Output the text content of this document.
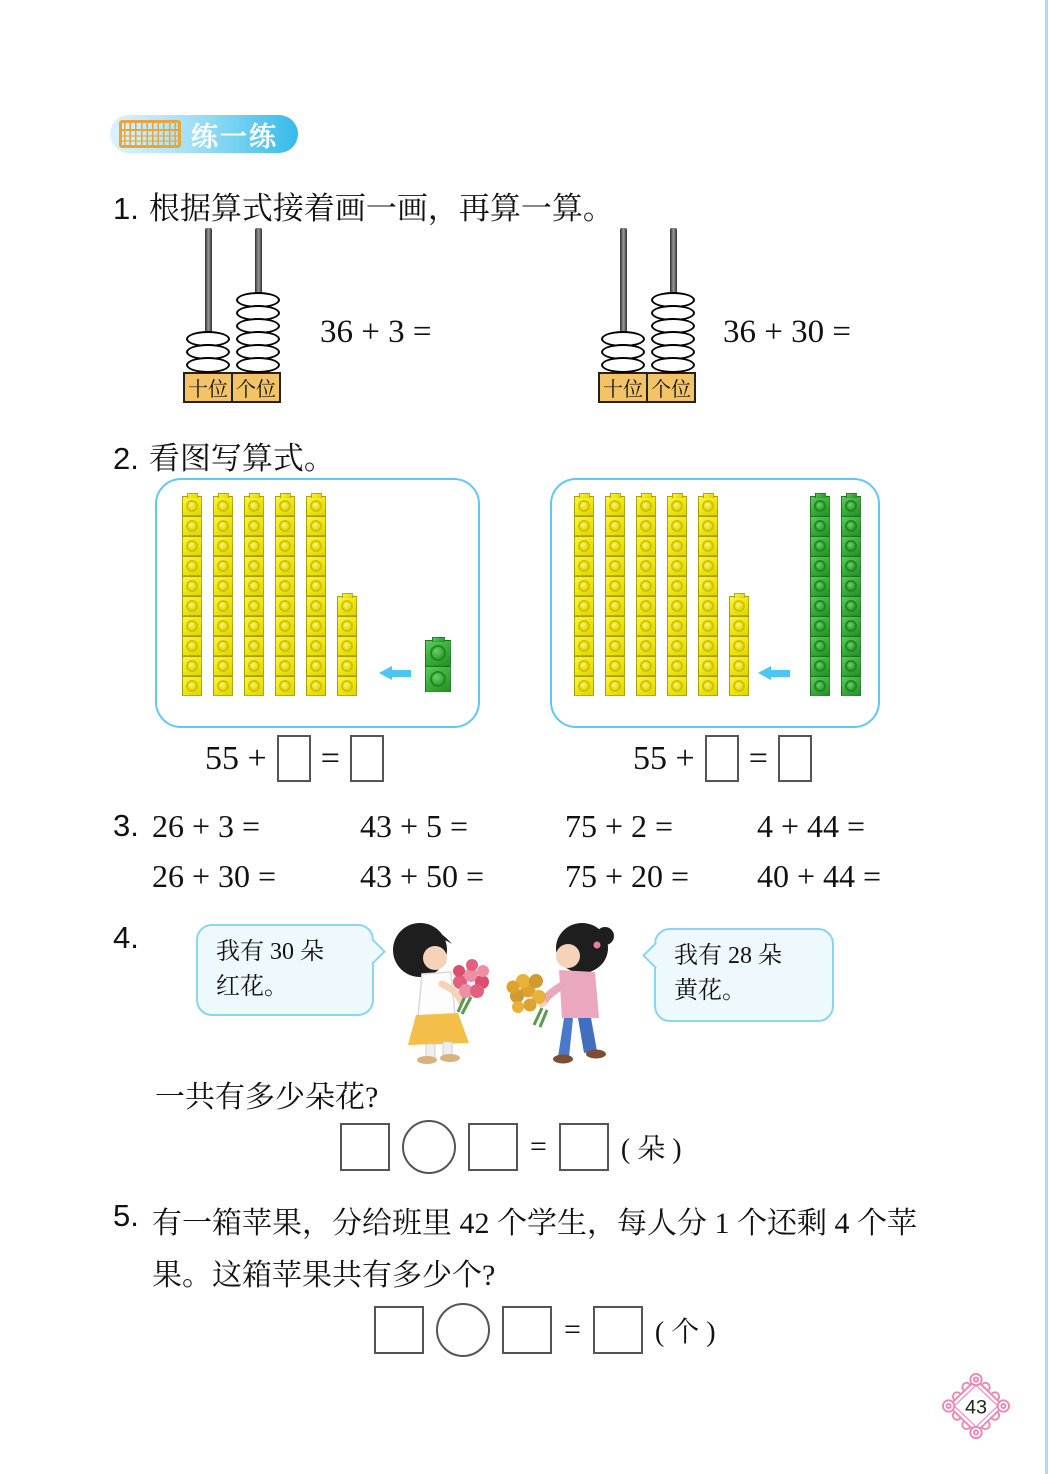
练一练
1. 根据算式接着画一画，再算一算。
十位 个位
36 + 3 =
十位 个位
36 + 30 =
2. 看图写算式。
55 + =	55 + =
3. 26 + 3 =	43 + 5 =	75 + 2 =	4 + 44 =
26 + 30 =	43 + 50 =	75 + 20 = 40 + 44 =
4.	我有 30 朵
红花。
我有 28 朵
黄花。
一共有多少朵花?
=	( 朵 )
5. 有一箱苹果，分给班里 42 个学生，每人分 1 个还剩 4 个苹
果。这箱苹果共有多少个?
=	( 个 )
43
